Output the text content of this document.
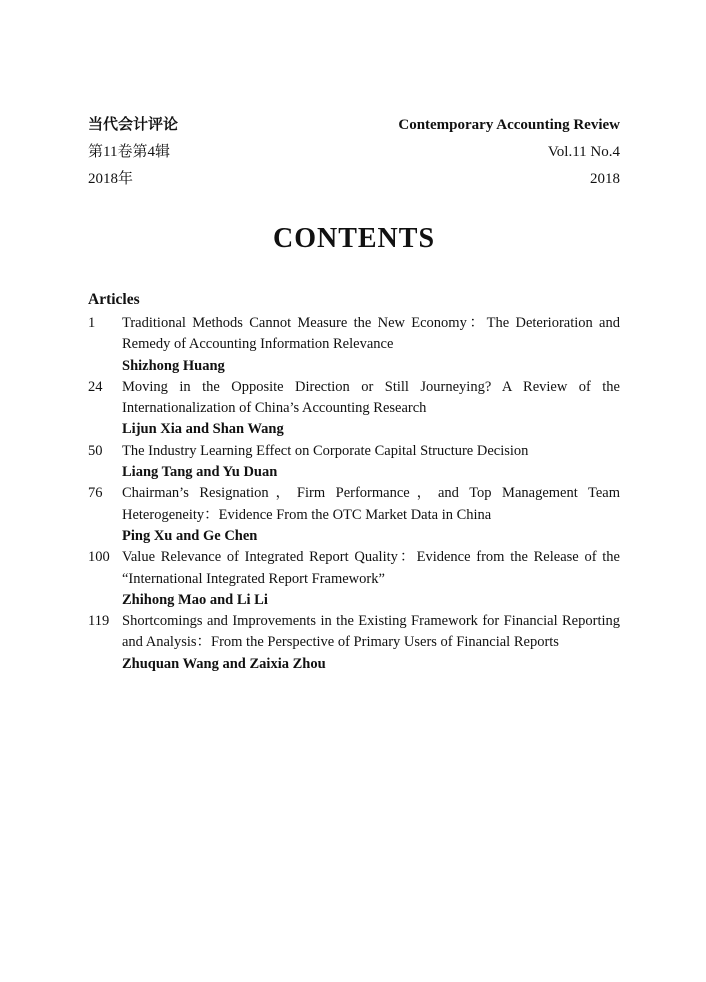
当代会计评论
第11卷第4辑
2018年
Contemporary Accounting Review
Vol.11 No.4
2018
CONTENTS
Articles
1	Traditional Methods Cannot Measure the New Economy：The Deterioration and Remedy of Accounting Information Relevance
Shizhong Huang
24	Moving in the Opposite Direction or Still Journeying? A Review of the Internationalization of China’s Accounting Research
Lijun Xia and Shan Wang
50	The Industry Learning Effect on Corporate Capital Structure Decision
Liang Tang and Yu Duan
76	Chairman’s Resignation，Firm Performance，and Top Management Team Heterogeneity：Evidence From the OTC Market Data in China
Ping Xu and Ge Chen
100 Value Relevance of Integrated Report Quality：Evidence from the Release of the “International Integrated Report Framework”
Zhihong Mao and Li Li
119 Shortcomings and Improvements in the Existing Framework for Financial Reporting and Analysis：From the Perspective of Primary Users of Financial Reports
Zhuquan Wang and Zaixia Zhou
